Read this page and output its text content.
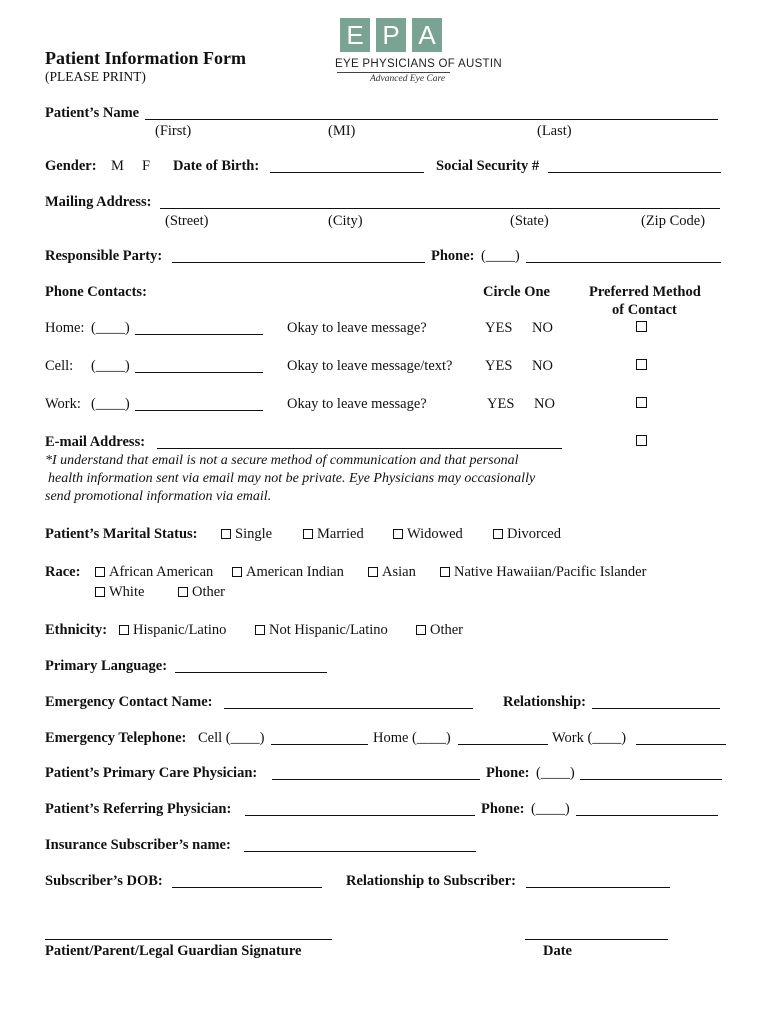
Patient Information Form
(PLEASE PRINT)
E P A
EYE PHYSICIANS OF AUSTIN
Advanced Eye Care
Patient’s Name
(First)	(MI)	(Last)
Gender: M F Date of Birth:	Social Security #
Mailing Address:
(Street)	(City)	(State)	(Zip Code)
Responsible Party:	Phone: (____)
Phone Contacts:	Circle One	Preferred Method
of Contact
Home: (____)	Okay to leave message?	YES NO
Cell: (____)	Okay to leave message/text? YES NO
Work: (____)	Okay to leave message?	YES NO
E-mail Address:
*I understand that email is not a secure method of communication and that personal
health information sent via email may not be private. Eye Physicians may occasionally
send promotional information via email.
Patient’s Marital Status:	Single	Married	Widowed	Divorced
Race:	African American	American Indian	Asian	Native Hawaiian/Pacific Islander
White	Other
Ethnicity:	Hispanic/Latino	Not Hispanic/Latino	Other
Primary Language:
Emergency Contact Name:	Relationship:
Emergency Telephone: Cell (____)	Home (____)	Work (____)
Patient’s Primary Care Physician:	Phone: (____)
Patient’s Referring Physician:	Phone: (____)
Insurance Subscriber’s name:
Subscriber’s DOB:	Relationship to Subscriber:
Patient/Parent/Legal Guardian Signature	Date
